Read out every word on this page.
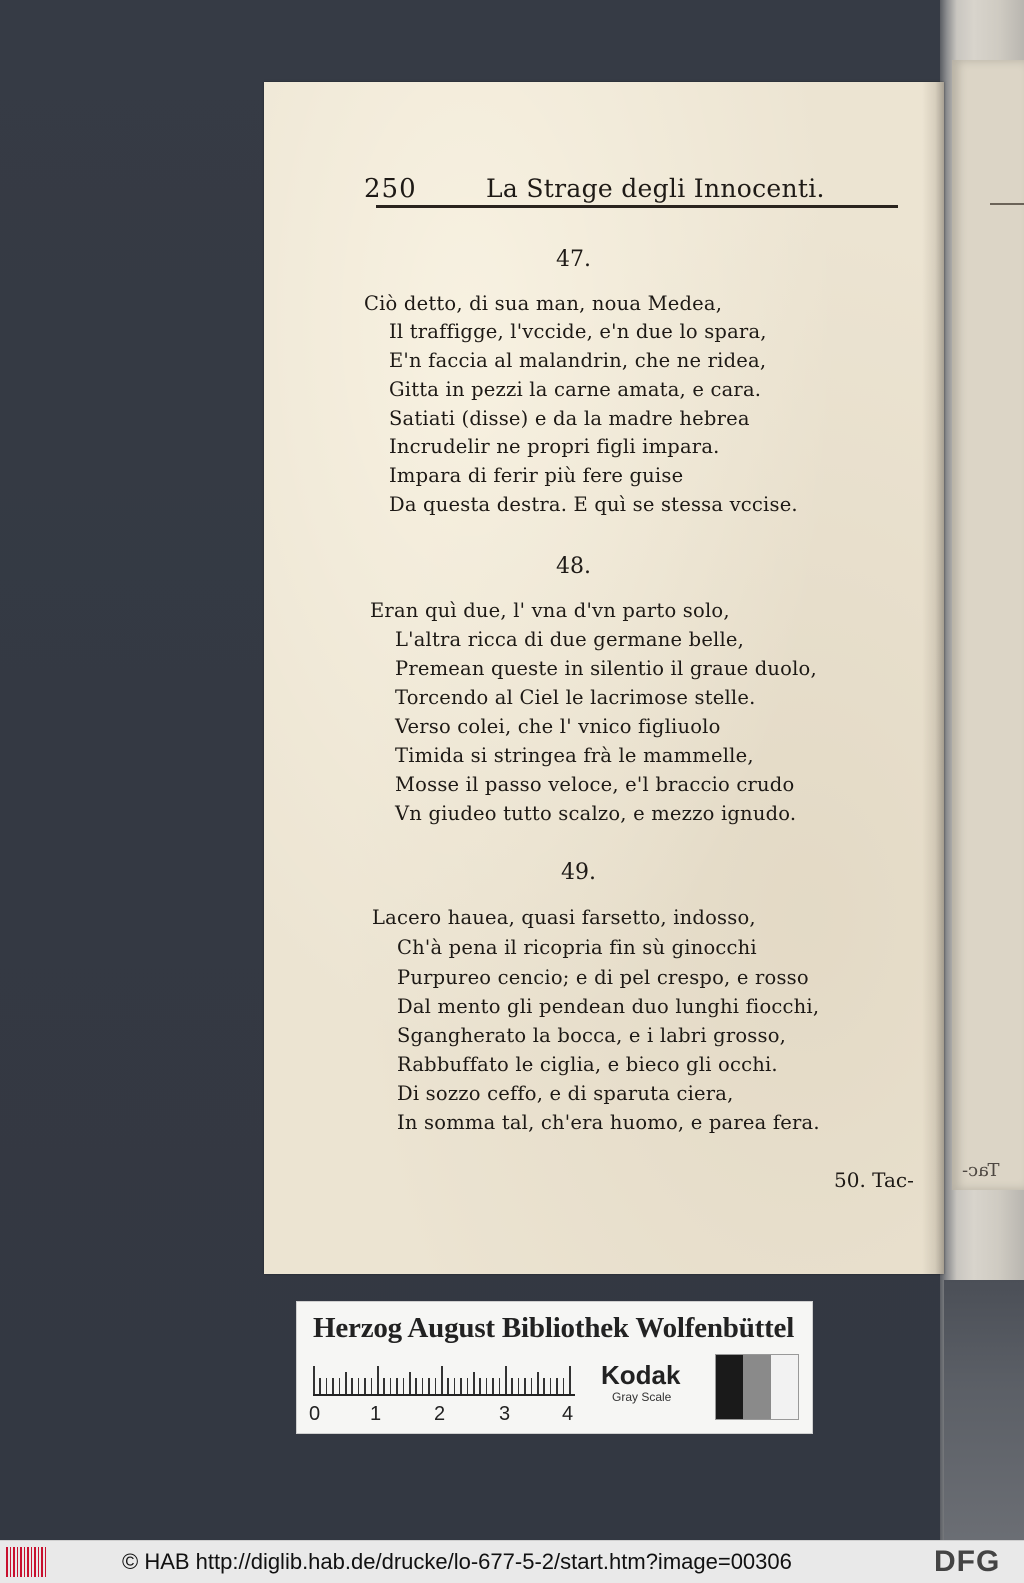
Tac-
250	La Strage degli Innocenti.
47.
Ciò detto, di sua man, noua Medea,
Il traffigge, l'vccide, e'n due lo spara,
E'n faccia al malandrin, che ne ridea,
Gitta in pezzi la carne amata, e cara.
Satiati (disse) e da la madre hebrea
Incrudelir ne propri figli impara.
Impara di ferir più fere guise
Da questa destra. E quì se stessa vccise.
48.
Eran quì due, l' vna d'vn parto solo,
L'altra ricca di due germane belle,
Premean queste in silentio il graue duolo,
Torcendo al Ciel le lacrimose stelle.
Verso colei, che l' vnico figliuolo
Timida si stringea frà le mammelle,
Mosse il passo veloce, e'l braccio crudo
Vn giudeo tutto scalzo, e mezzo ignudo.
49.
Lacero hauea, quasi farsetto, indosso,
Ch'à pena il ricopria fin sù ginocchi
Purpureo cencio; e di pel crespo, e rosso
Dal mento gli pendean duo lunghi fiocchi,
Sgangherato la bocca, e i labri grosso,
Rabbuffato le ciglia, e bieco gli occhi.
Di sozzo ceffo, e di sparuta ciera,
In somma tal, ch'era huomo, e parea fera.
50. Tac-
Herzog August Bibliothek Wolfenbüttel
0 1	2	3	4
Kodak
Gray Scale
© HAB http://diglib.hab.de/drucke/lo-677-5-2/start.htm?image=00306	DFG
